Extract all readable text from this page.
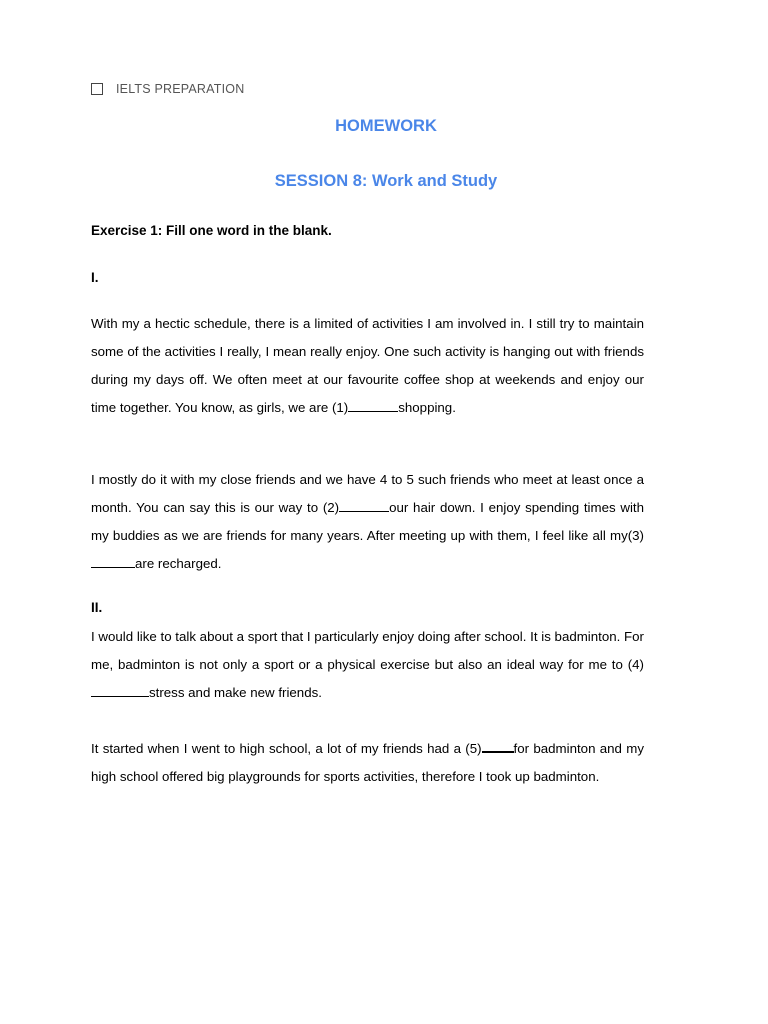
IELTS PREPARATION
HOMEWORK
SESSION 8: Work and Study
Exercise 1: Fill one word in the blank.
I.
With my a hectic schedule, there is a limited of activities I am involved in. I still try to maintain some of the activities I really, I mean really enjoy. One such activity is hanging out with friends during my days off. We often meet at our favourite coffee shop at weekends and enjoy our time together. You know, as girls, we are (1)	shopping.
I mostly do it with my close friends and we have 4 to 5 such friends who meet at least once a month. You can say this is our way to (2)	our hair down. I enjoy spending times with my buddies as we are friends for many years. After meeting up with them, I feel like all my(3)are recharged.
II.
I would like to talk about a sport that I particularly enjoy doing after school. It is badminton. For me, badminton is not only a sport or a physical exercise but also an ideal way for me to (4)stress and make new friends.
It started when I went to high school, a lot of my friends had a (5) for badminton and my high school offered big playgrounds for sports activities, therefore I took up badminton.
